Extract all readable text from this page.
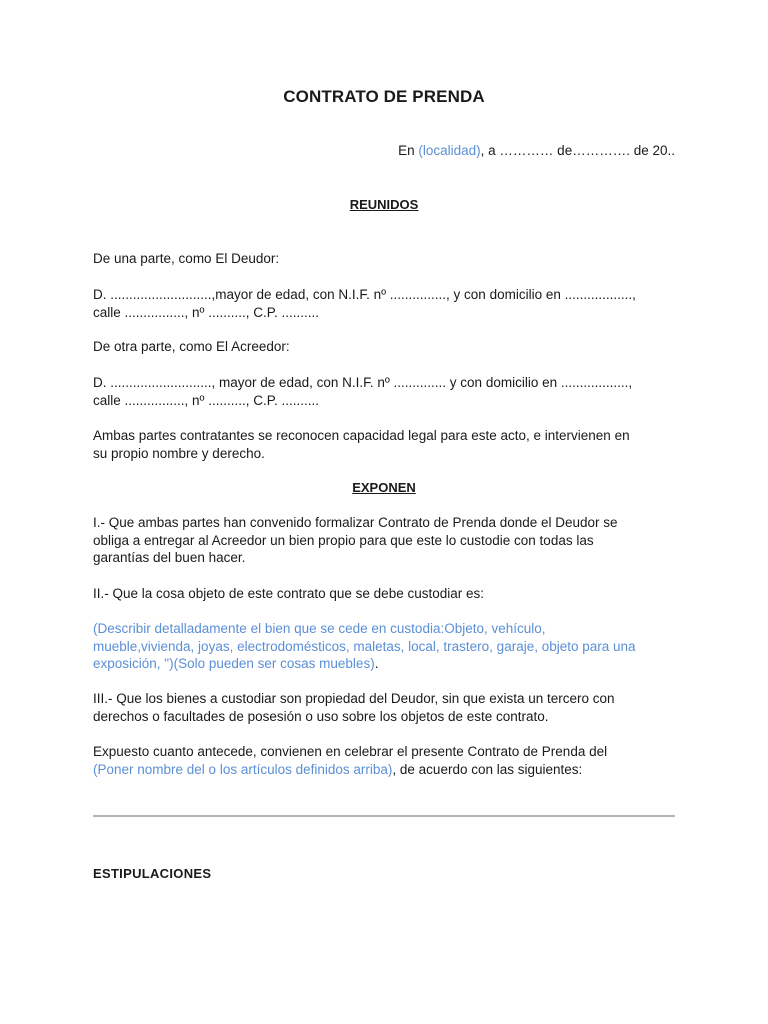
CONTRATO DE PRENDA
En (localidad), a ………… de…………. de 20..
REUNIDOS
De una parte, como El Deudor:
D. ...........................,mayor de edad, con N.I.F. nº ..............., y con domicilio en ..................,
calle ................, nº .........., C.P. ..........
De otra parte, como El Acreedor:
D. ..........................., mayor de edad, con N.I.F. nº .............. y con domicilio en ..................,
calle ................, nº .........., C.P. ..........
Ambas partes contratantes se reconocen capacidad legal para este acto, e intervienen en
su propio nombre y derecho.
EXPONEN
I.- Que ambas partes han convenido formalizar Contrato de Prenda donde el Deudor se
obliga a entregar al Acreedor un bien propio para que este lo custodie con todas las
garantías del buen hacer.
II.- Que la cosa objeto de este contrato que se debe custodiar es:
(Describir detalladamente el bien que se cede en custodia:Objeto, vehículo,
mueble,vivienda, joyas, electrodomésticos, maletas, local, trastero, garaje, objeto para una
exposición, ")(Solo pueden ser cosas muebles).
III.- Que los bienes a custodiar son propiedad del Deudor, sin que exista un tercero con
derechos o facultades de posesión o uso sobre los objetos de este contrato.
Expuesto cuanto antecede, convienen en celebrar el presente Contrato de Prenda del
(Poner nombre del o los artículos definidos arriba), de acuerdo con las siguientes:
ESTIPULACIONES
